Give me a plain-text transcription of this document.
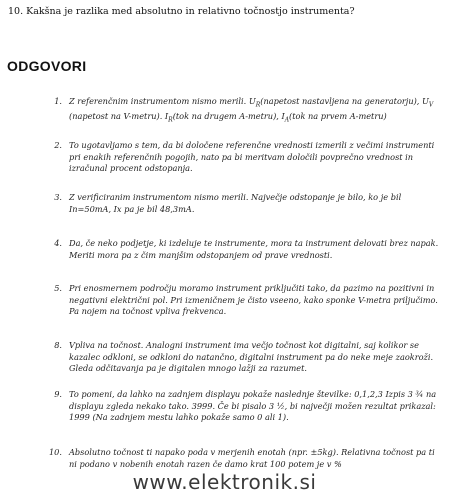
10. Kakšna je razlika med absolutno in relativno točnostjo instrumenta?
ODGOVORI
1. Z referenčnim instrumentom nismo merili. $U_R(napetost$ nastavljena na generatorju), $U_V$ (napetost na V-metru). $I_R(tok$ na drugem A-metru), $I_A(tok$ na prvem A-metru)
2. To ugotavljamo s tem, da bi določene referenčne vrednosti izmerili z večimi instrumenti pri enakih referenčnih pogojih, nato pa bi meritvam določili povprečno vrednost in izračunal procent odstopanja.
3. Z verificiranim instrumentom nismo merili. Največje odstopanje je bilo, ko je bil In=50mA, Ix pa je bil 48,3mA.
4. Da, če neko podjetje, ki izdeluje te instrumente, mora ta instrument delovati brez napak. Meriti mora pa z čim manjšim odstopanjem od prave vrednosti.
5. Pri enosmernem področju moramo instrument priključiti tako, da pazimo na pozitivni in negativni električni pol. Pri izmeničnem je čisto vseeno, kako sponke V-metra priljučimo. Pa nojem na točnost vpliva frekvenca.
8. Vpliva na točnost. Analogni instrument ima večjo točnost kot digitalni, saj kolikor se kazalec odkloni, se odkloni do natančno, digitalni instrument pa do neke meje zaokroži. Gleda odčitavanja pa je digitalen mnogo lažji za razumet.
9. To pomeni, da lahko na zadnjem displayu pokaže naslednje številke: 0,1,2,3 Izpis 3 ¾ na displayu zgleda nekako tako. 3999. Če bi pisalo 3 ½, bi največji možen rezultat prikazal: 1999 (Na zadnjem mestu lahko pokaže samo 0 ali 1).
10. Absolutno točnost ti napako poda v merjenih enotah (npr. ±5kg). Relativna točnost pa ti ni podano v nobenih enotah razen če damo krat 100 potem je v %
www.elektronik.si
